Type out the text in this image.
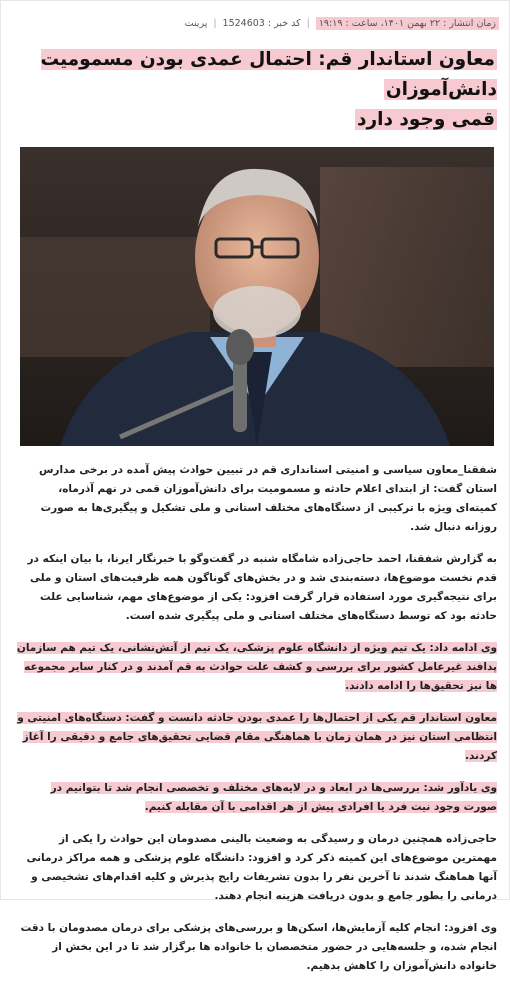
زمان انتشار : ۲۲ بهمن ۱۴۰۱، ساعت : ۱۹:۱۹
|
کد خبر : 1524603
|
پرینت
معاون استاندار قم: احتمال عمدی بودن مسمومیت دانش‌آموزان
قمی وجود دارد

شفقنا_معاون سیاسی و امنیتی استانداری قم در تبیین حوادث پیش آمده در برخی مدارس استان گفت: از ابتدای اعلام حادثه و مسمومیت برای دانش‌آموزان قمی در نهم آذرماه، کمیته‌ای ویژه با ترکیبی از دستگاه‌های مختلف استانی و ملی تشکیل و پیگیری‌ها به صورت روزانه دنبال شد.

به گزارش شفقنا، احمد حاجی‌زاده شامگاه شنبه در گفت‌وگو با خبرنگار ایرنا، با بیان اینکه در قدم نخست موضوع‌ها، دسته‌بندی شد و در بخش‌های گوناگون همه ظرفیت‌های استان و ملی برای نتیجه‌گیری مورد استفاده قرار گرفت افزود: یکی از موضوع‌های مهم، شناسایی علت حادثه بود که توسط دستگاه‌های مختلف استانی و ملی پیگیری شده است.

وی ادامه داد: یک تیم ویژه از دانشگاه علوم پزشکی، یک تیم از آتش‌نشانی، یک تیم هم سازمان پدافند غیرعامل کشور برای بررسی و کشف علت حوادث به قم آمدند و در کنار سایر مجموعه ها نیز تحقیق‌ها را ادامه دادند.

معاون استاندار قم یکی از احتمال‌ها را عمدی بودن حادثه دانست و گفت: دستگاه‌های امنیتی و انتظامی استان نیز در همان زمان با هماهنگی مقام قضایی تحقیق‌های جامع و دقیقی را آغاز کردند.

وی یادآور شد: بررسی‌ها در ابعاد و در لایه‌های مختلف و تخصصی انجام شد تا بتوانیم در صورت وجود نیت فرد یا افرادی پیش از هر اقدامی با آن مقابله کنیم.

حاجی‌زاده همچنین درمان و رسیدگی به وضعیت بالینی مصدومان این حوادث را یکی از مهمترین موضوع‌های این کمیته ذکر کرد و افزود: دانشگاه علوم پزشکی و همه مراکز درمانی آنها هماهنگ شدند تا آخرین نفر را بدون تشریفات رایج پذیرش و کلیه اقدام‌های تشخیصی و درمانی را بطور جامع و بدون دریافت هزینه انجام دهند.

وی افزود: انجام کلیه آزمایش‌ها، اسکن‌ها و بررسی‌های پزشکی برای درمان مصدومان با دقت انجام شده، و جلسه‌هایی در حضور متخصصان با خانواده ها برگزار شد تا در این بخش از خانواده دانش‌آموزان را کاهش بدهیم.
